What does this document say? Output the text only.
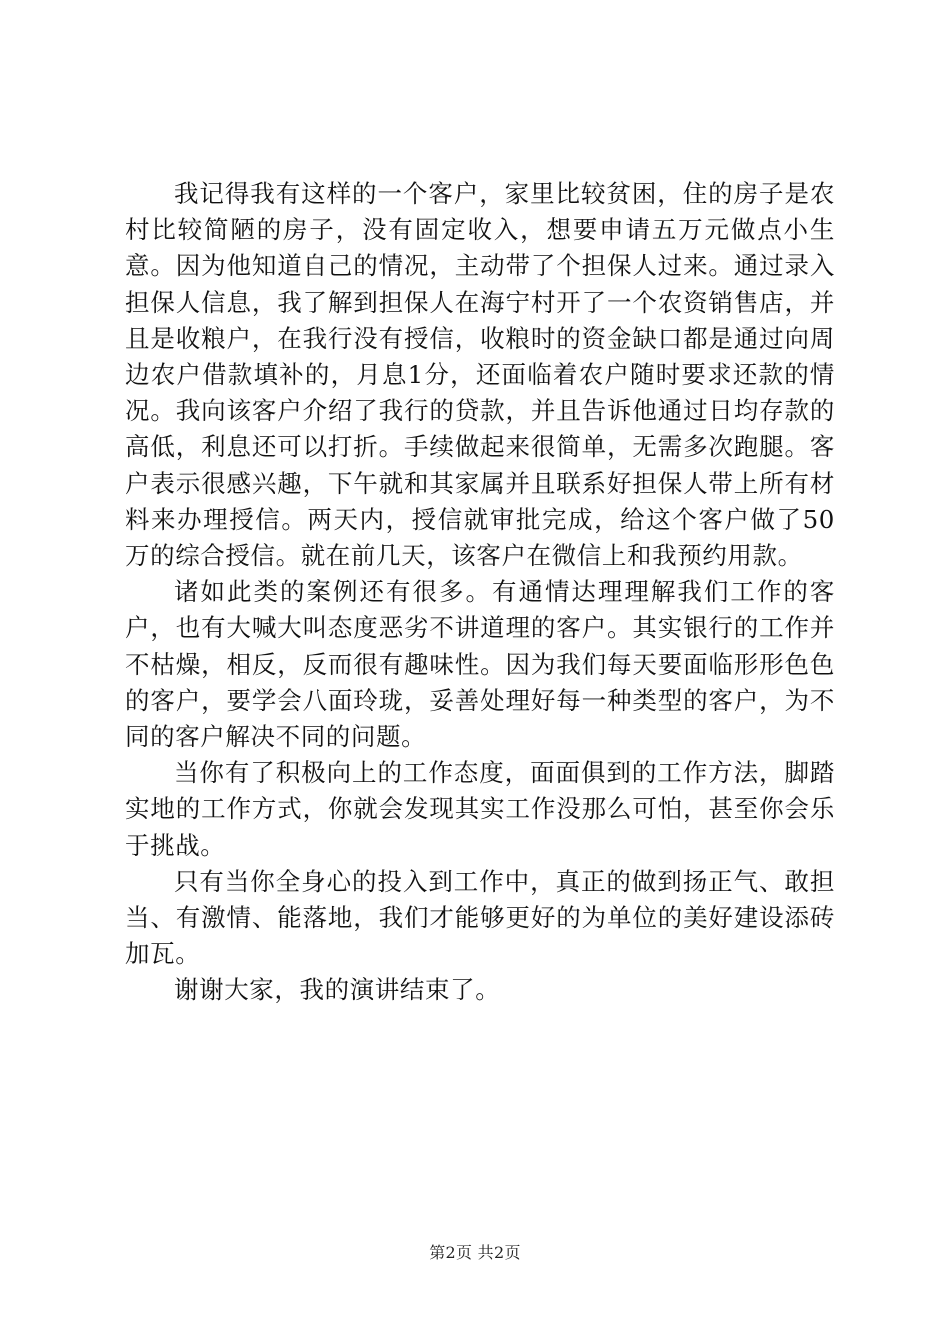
我记得我有这样的一个客户，家里比较贫困，住的房子是农村比较简陋的房子，没有固定收入，想要申请五万元做点小生意。因为他知道自己的情况，主动带了个担保人过来。通过录入担保人信息，我了解到担保人在海宁村开了一个农资销售店，并且是收粮户，在我行没有授信，收粮时的资金缺口都是通过向周边农户借款填补的，月息1分，还面临着农户随时要求还款的情况。我向该客户介绍了我行的贷款，并且告诉他通过日均存款的高低，利息还可以打折。手续做起来很简单，无需多次跑腿。客户表示很感兴趣，下午就和其家属并且联系好担保人带上所有材料来办理授信。两天内，授信就审批完成，给这个客户做了50万的综合授信。就在前几天，该客户在微信上和我预约用款。

诸如此类的案例还有很多。有通情达理理解我们工作的客户，也有大喊大叫态度恶劣不讲道理的客户。其实银行的工作并不枯燥，相反，反而很有趣味性。因为我们每天要面临形形色色的客户，要学会八面玲珑，妥善处理好每一种类型的客户，为不同的客户解决不同的问题。

当你有了积极向上的工作态度，面面俱到的工作方法，脚踏实地的工作方式，你就会发现其实工作没那么可怕，甚至你会乐于挑战。

只有当你全身心的投入到工作中，真正的做到扬正气、敢担当、有激情、能落地，我们才能够更好的为单位的美好建设添砖加瓦。

谢谢大家，我的演讲结束了。

第2页 共2页
